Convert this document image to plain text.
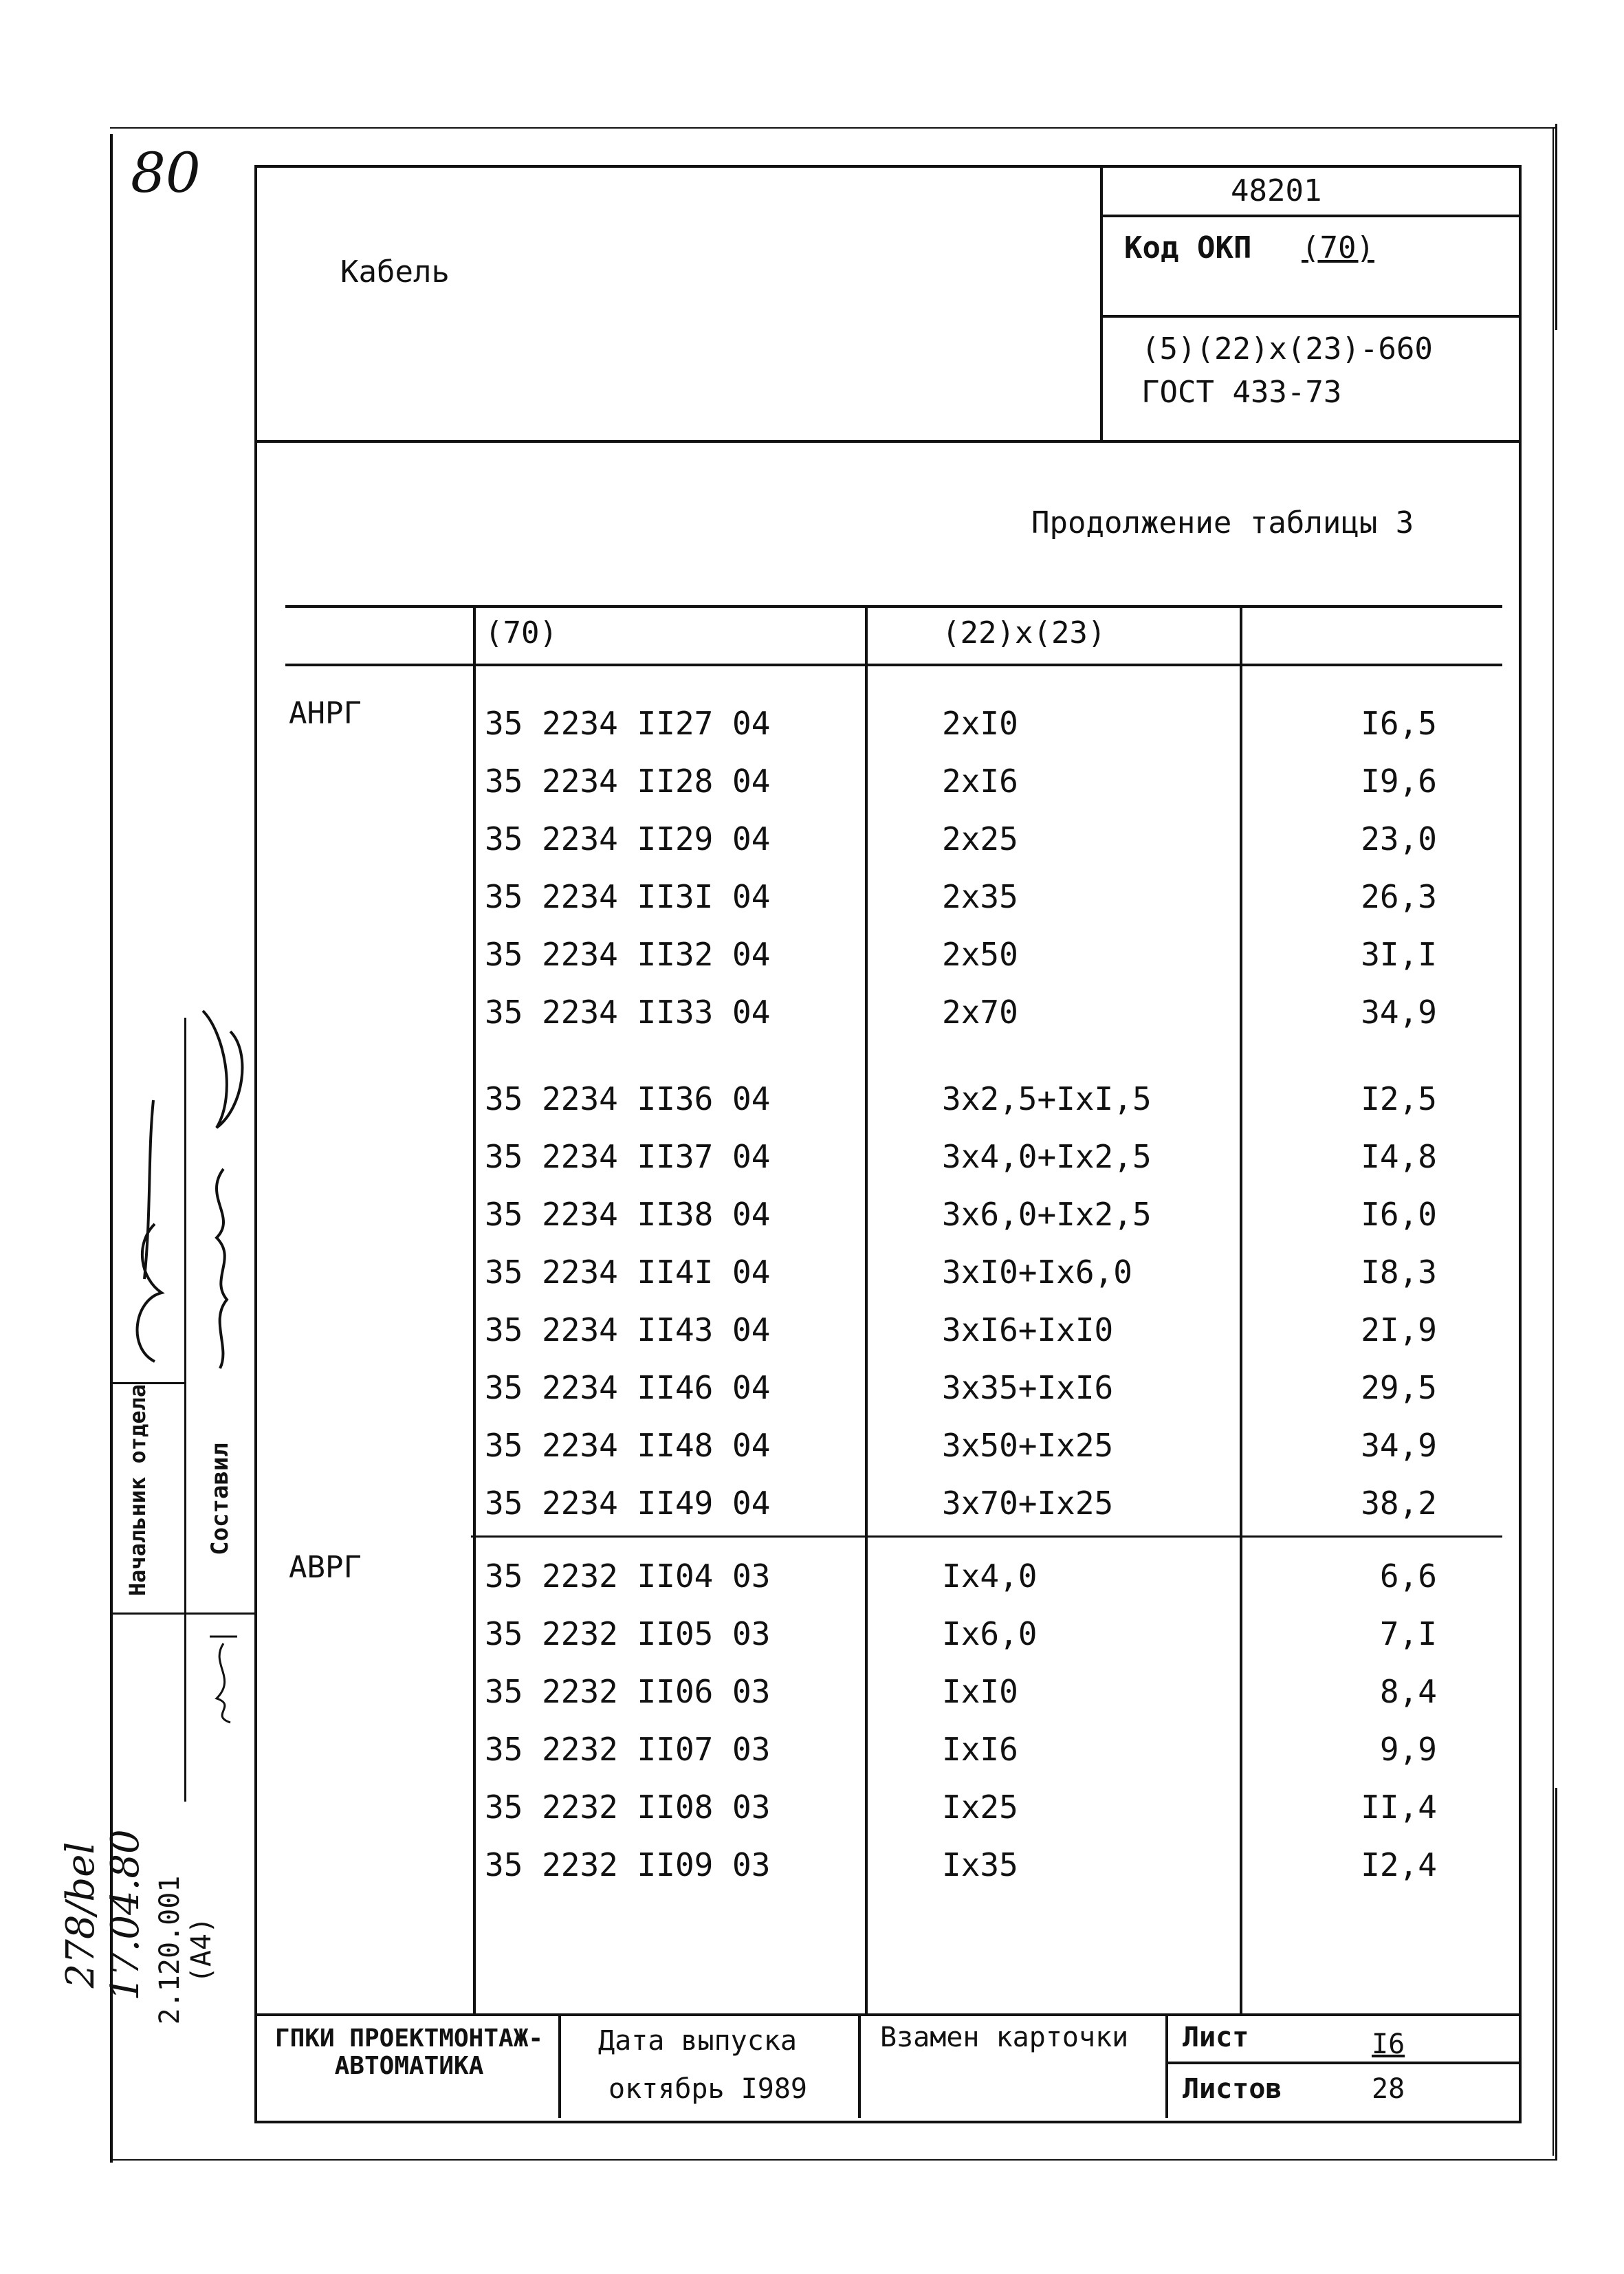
80
Кабель
48201
Код ОКП (70)
(5)(22)x(23)-660
ГОСТ 433-73
Продолжение таблицы 3
(70)	(22)x(23)
АНРГ	35 2234 II27 04	2xI0	I6,5
35 2234 II28 04	2xI6	I9,6
35 2234 II29 04	2x25	23,0
35 2234 II3I 04	2x35	26,3
35 2234 II32 04	2x50	3I,I
35 2234 II33 04	2x70	34,9
35 2234 II36 04	3x2,5+IxI,5	I2,5
35 2234 II37 04	3x4,0+Ix2,5	I4,8
35 2234 II38 04	3x6,0+Ix2,5	I6,0
35 2234 II4I 04	3xI0+Ix6,0	I8,3
35 2234 II43 04	3xI6+IxI0	2I,9
35 2234 II46 04	3x35+IxI6	29,5
35 2234 II48 04	3x50+Ix25	34,9
35 2234 II49 04	3x70+Ix25	38,2
АВРГ	35 2232 II04 03	Ix4,0	6,6
35 2232 II05 03	Ix6,0	7,I
35 2232 II06 03	IxI0	8,4
35 2232 II07 03	IxI6	9,9
35 2232 II08 03	Ix25	II,4
35 2232 II09 03	Ix35	I2,4
ГПКИ ПРОЕКТМОНТАЖ- АВТОМАТИКА
Дата выпуска
октябрь I989
Взамен карточки Лист	I6
Листов	28
Начальник отдела Составил
2.120.001 (A4)
278/bel 17.04.80
